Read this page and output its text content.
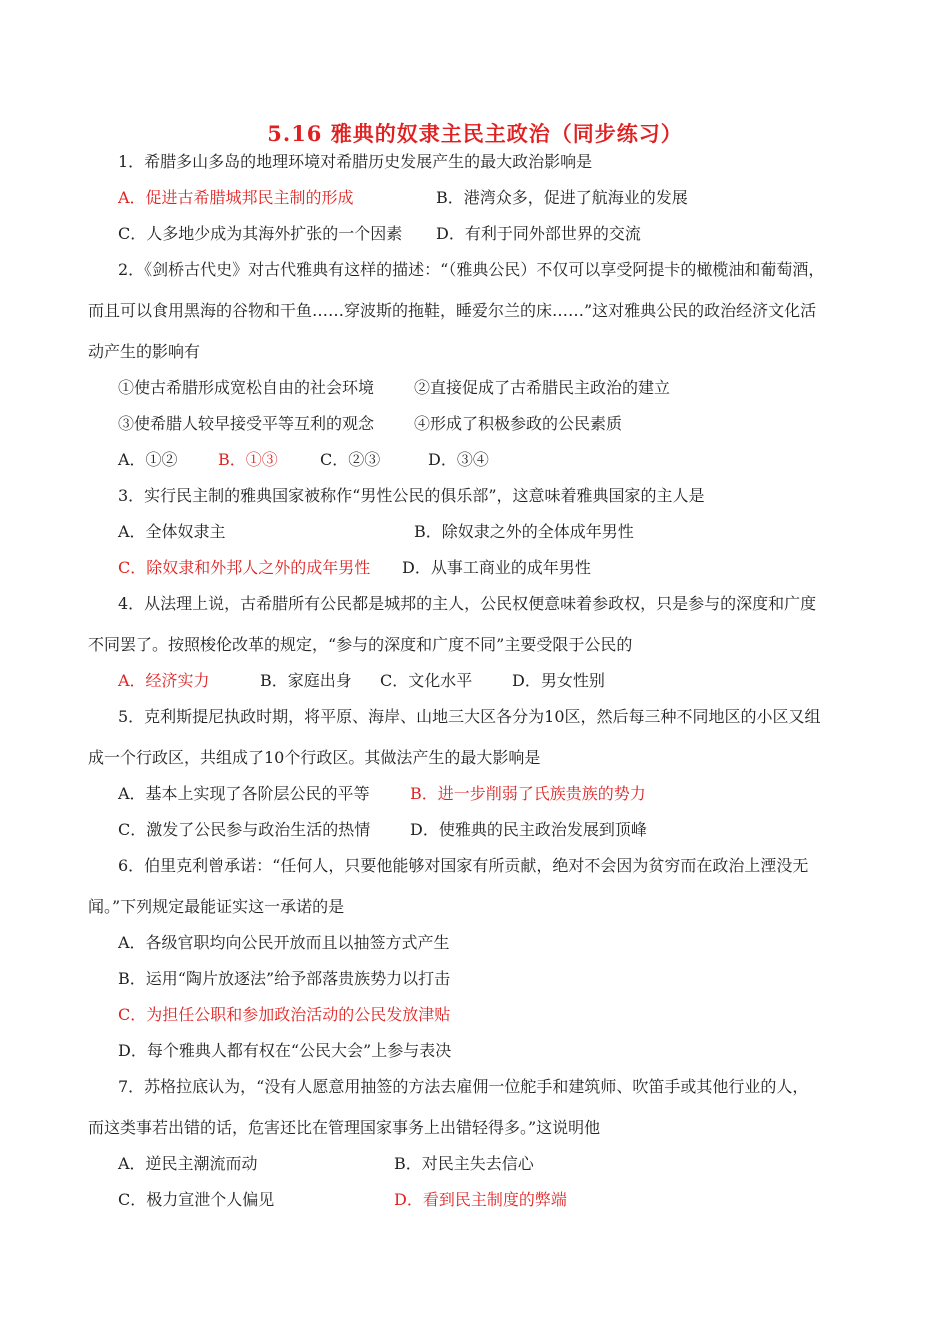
5.16 雅典的奴隶主民主政治（同步练习）
1．希腊多山多岛的地理环境对希腊历史发展产生的最大政治影响是
A．促进古希腊城邦民主制的形成	B．港湾众多，促进了航海业的发展
C．人多地少成为其海外扩张的一个因素 D．有利于同外部世界的交流
2．《剑桥古代史》对古代雅典有这样的描述：“（雅典公民）不仅可以享受阿提卡的橄榄油和葡萄酒，
而且可以食用黑海的谷物和干鱼……穿波斯的拖鞋，睡爱尔兰的床……”这对雅典公民的政治经济文化活
动产生的影响有
①使古希腊形成宽松自由的社会环境 ②直接促成了古希腊民主政治的建立
③使希腊人较早接受平等互利的观念 ④形成了积极参政的公民素质
A．①②	B．①③	C．②③	D．③④
3．实行民主制的雅典国家被称作“男性公民的俱乐部”，这意味着雅典国家的主人是
A．全体奴隶主	B．除奴隶之外的全体成年男性
C．除奴隶和外邦人之外的成年男性 D．从事工商业的成年男性
4．从法理上说，古希腊所有公民都是城邦的主人，公民权便意味着参政权，只是参与的深度和广度
不同罢了。按照梭伦改革的规定，“参与的深度和广度不同”主要受限于公民的
A．经济实力	B．家庭出身 C．文化水平 D．男女性别
5．克利斯提尼执政时期，将平原、海岸、山地三大区各分为10区，然后每三种不同地区的小区又组
成一个行政区，共组成了10个行政区。其做法产生的最大影响是
A．基本上实现了各阶层公民的平等	B．进一步削弱了氏族贵族的势力
C．激发了公民参与政治生活的热情 D．使雅典的民主政治发展到顶峰
6．伯里克利曾承诺：“任何人，只要他能够对国家有所贡献，绝对不会因为贫穷而在政治上湮没无
闻。”下列规定最能证实这一承诺的是
A．各级官职均向公民开放而且以抽签方式产生
B．运用“陶片放逐法”给予部落贵族势力以打击
C．为担任公职和参加政治活动的公民发放津贴
D．每个雅典人都有权在“公民大会”上参与表决
7．苏格拉底认为，“没有人愿意用抽签的方法去雇佣一位舵手和建筑师、吹笛手或其他行业的人，
而这类事若出错的话，危害还比在管理国家事务上出错轻得多。”这说明他
A．逆民主潮流而动	B．对民主失去信心
C．极力宣泄个人偏见	D．看到民主制度的弊端
